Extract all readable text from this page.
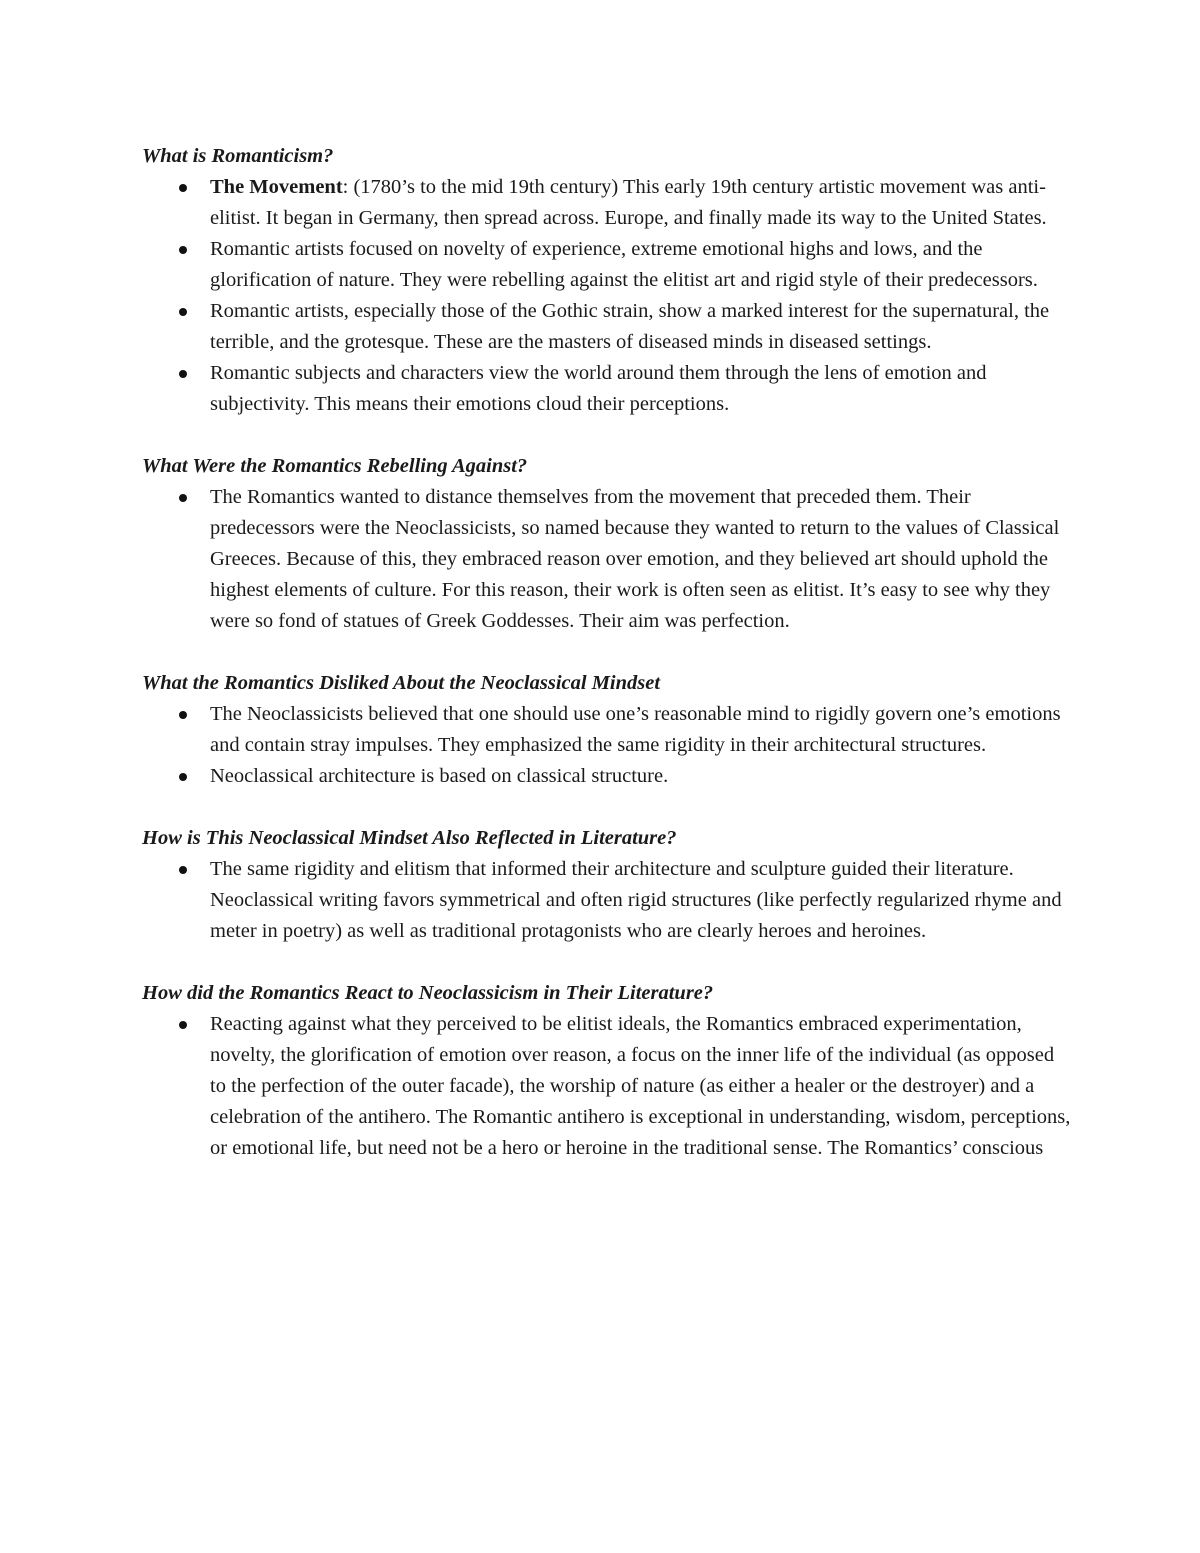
What is Romanticism?
The Movement: (1780’s to the mid 19th century) This early 19th century artistic movement was anti-elitist. It began in Germany, then spread across. Europe, and finally made its way to the United States.
Romantic artists focused on novelty of experience, extreme emotional highs and lows, and the glorification of nature. They were rebelling against the elitist art and rigid style of their predecessors.
Romantic artists, especially those of the Gothic strain, show a marked interest for the supernatural, the terrible, and the grotesque. These are the masters of diseased minds in diseased settings.
Romantic subjects and characters view the world around them through the lens of emotion and subjectivity. This means their emotions cloud their perceptions.
What Were the Romantics Rebelling Against?
The Romantics wanted to distance themselves from the movement that preceded them. Their predecessors were the Neoclassicists, so named because they wanted to return to the values of Classical Greeces. Because of this, they embraced reason over emotion, and they believed art should uphold the highest elements of culture. For this reason, their work is often seen as elitist. It’s easy to see why they were so fond of statues of Greek Goddesses. Their aim was perfection.
What the Romantics Disliked About the Neoclassical Mindset
The Neoclassicists believed that one should use one’s reasonable mind to rigidly govern one’s emotions and contain stray impulses. They emphasized the same rigidity in their architectural structures.
Neoclassical architecture is based on classical structure.
How is This Neoclassical Mindset Also Reflected in Literature?
The same rigidity and elitism that informed their architecture and sculpture guided their literature. Neoclassical writing favors symmetrical and often rigid structures (like perfectly regularized rhyme and meter in poetry) as well as traditional protagonists who are clearly heroes and heroines.
How did the Romantics React to Neoclassicism in Their Literature?
Reacting against what they perceived to be elitist ideals, the Romantics embraced experimentation, novelty, the glorification of emotion over reason, a focus on the inner life of the individual (as opposed to the perfection of the outer facade), the worship of nature (as either a healer or the destroyer) and a celebration of the antihero. The Romantic antihero is exceptional in understanding, wisdom, perceptions, or emotional life, but need not be a hero or heroine in the traditional sense. The Romantics’ conscious
